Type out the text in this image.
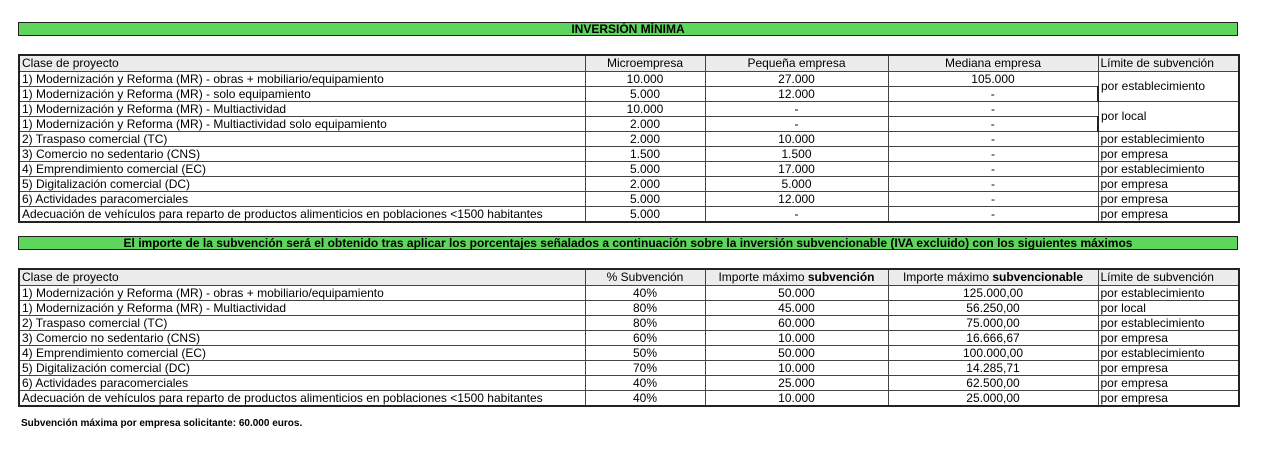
INVERSIÓN MÍNIMA
Clase de proyecto	Microempresa	Pequeña empresa	Mediana empresa	Límite de subvención
1) Modernización y Reforma (MR) - obras + mobiliario/equipamiento	10.000	27.000	105.000	por establecimiento
1) Modernización y Reforma (MR) - solo equipamiento	5.000	12.000	-	
1) Modernización y Reforma (MR) - Multiactividad	10.000	-	-	por local
1) Modernización y Reforma (MR) - Multiactividad solo equipamiento	2.000	-	-	
2) Traspaso comercial (TC)	2.000	10.000	-	por establecimiento
3) Comercio no sedentario (CNS)	1.500	1.500	-	por empresa
4) Emprendimiento comercial (EC)	5.000	17.000	-	por establecimiento
5) Digitalización comercial (DC)	2.000	5.000	-	por empresa
6) Actividades paracomerciales	5.000	12.000	-	por empresa
Adecuación de vehículos para reparto de productos alimenticios en poblaciones <1500 habitantes	5.000	-	-	por empresa
El importe de la subvención será el obtenido tras aplicar los porcentajes señalados a continuación sobre la inversión subvencionable (IVA excluido) con los siguientes máximos
Clase de proyecto	% Subvención	Importe máximo subvención	Importe máximo subvencionable	Límite de subvención
1) Modernización y Reforma (MR) - obras + mobiliario/equipamiento	40%	50.000	125.000,00	por establecimiento
1) Modernización y Reforma (MR) - Multiactividad	80%	45.000	56.250,00	por local
2) Traspaso comercial (TC)	80%	60.000	75.000,00	por establecimiento
3) Comercio no sedentario (CNS)	60%	10.000	16.666,67	por empresa
4) Emprendimiento comercial (EC)	50%	50.000	100.000,00	por establecimiento
5) Digitalización comercial (DC)	70%	10.000	14.285,71	por empresa
6) Actividades paracomerciales	40%	25.000	62.500,00	por empresa
Adecuación de vehículos para reparto de productos alimenticios en poblaciones <1500 habitantes	40%	10.000	25.000,00	por empresa
Subvención máxima por empresa solicitante: 60.000 euros.
